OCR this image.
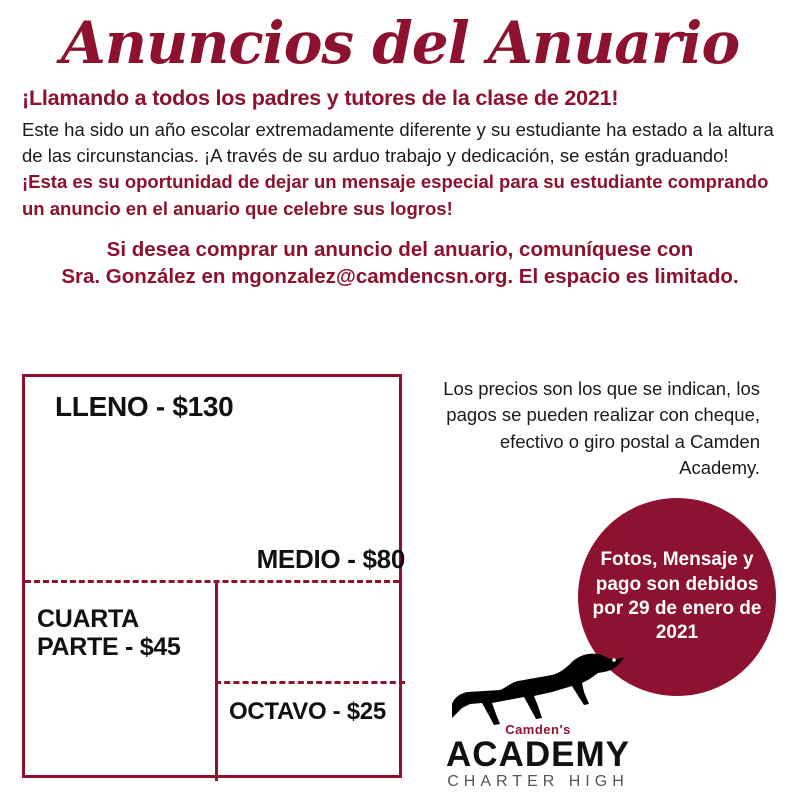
Anuncios del Anuario

¡Llamando a todos los padres y tutores de la clase de 2021!

Este ha sido un año escolar extremadamente diferente y su estudiante ha estado a la altura de las circunstancias. ¡A través de su arduo trabajo y dedicación, se están graduando! ¡Esta es su oportunidad de dejar un mensaje especial para su estudiante comprando un anuncio en el anuario que celebre sus logros!

Si desea comprar un anuncio del anuario, comuníquese con
Sra. González en mgonzalez@camdencsn.org. El espacio es limitado.

LLENO - $130
MEDIO - $80
CUARTA PARTE - $45
OCTAVO - $25
Los precios son los que se indican, los pagos se pueden realizar con cheque, efectivo o giro postal a Camden Academy.
Fotos, Mensaje y pago son debidos por 29 de enero de 2021
Camden's
ACADEMY
CHARTER HIGH
